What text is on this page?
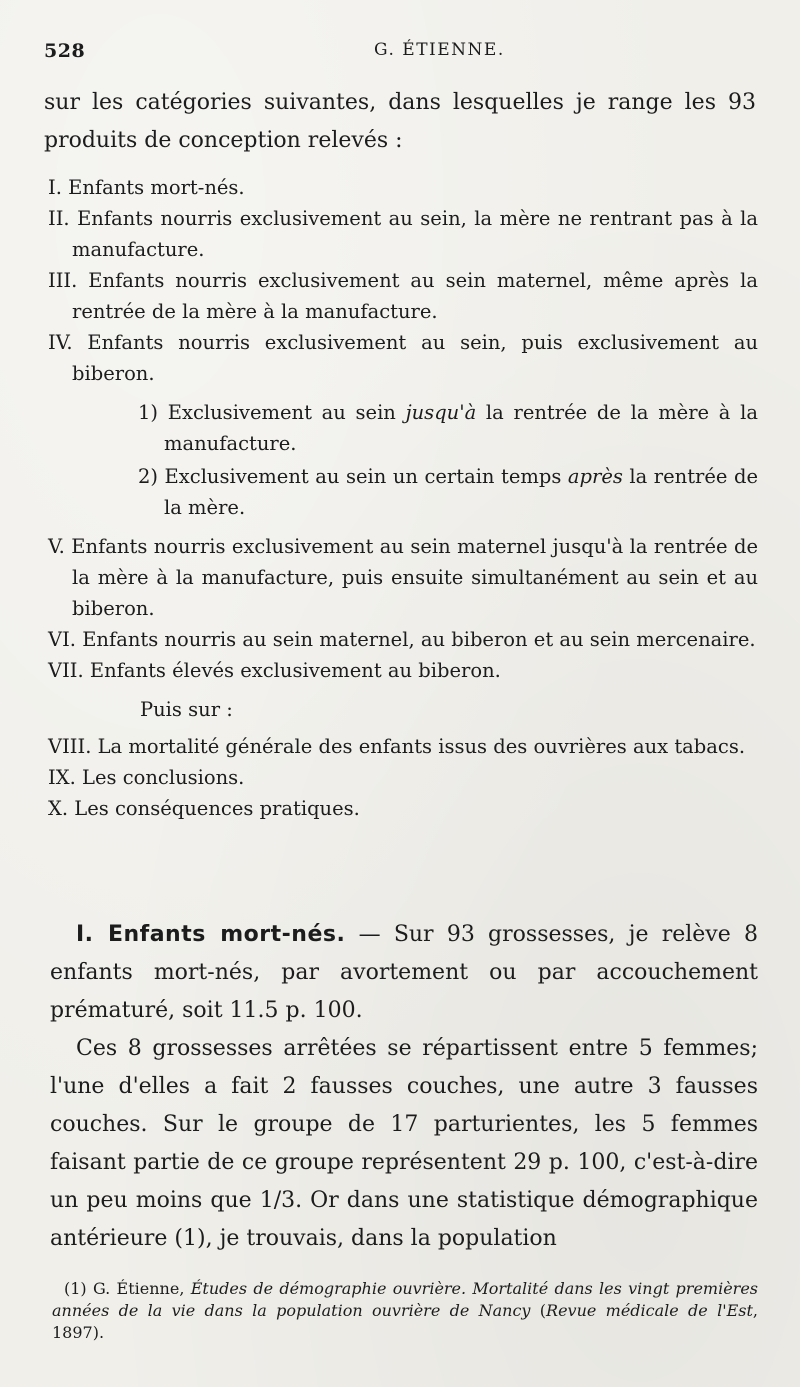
528	G. ÉTIENNE.

sur les catégories suivantes, dans lesquelles je range les 93 produits de conception relevés :

I. Enfants mort-nés.
II. Enfants nourris exclusivement au sein, la mère ne rentrant pas à la manufacture.
III. Enfants nourris exclusivement au sein maternel, même après la rentrée de la mère à la manufacture.
IV. Enfants nourris exclusivement au sein, puis exclusivement au biberon.
1) Exclusivement au sein jusqu'à la rentrée de la mère à la manufacture.
2) Exclusivement au sein un certain temps après la rentrée de la mère.
V. Enfants nourris exclusivement au sein maternel jusqu'à la rentrée de la mère à la manufacture, puis ensuite simultanément au sein et au biberon.
VI. Enfants nourris au sein maternel, au biberon et au sein mercenaire.
VII. Enfants élevés exclusivement au biberon.
Puis sur :
VIII. La mortalité générale des enfants issus des ouvrières aux tabacs.
IX. Les conclusions.
X. Les conséquences pratiques.

I. Enfants mort-nés. — Sur 93 grossesses, je relève 8 enfants mort-nés, par avortement ou par accouchement prématuré, soit 11.5 p. 100.

Ces 8 grossesses arrêtées se répartissent entre 5 femmes; l'une d'elles a fait 2 fausses couches, une autre 3 fausses couches. Sur le groupe de 17 parturientes, les 5 femmes faisant partie de ce groupe représentent 29 p. 100, c'est-à-dire un peu moins que 1/3. Or dans une statistique démographique antérieure (1), je trouvais, dans la population

(1) G. Étienne, Études de démographie ouvrière. Mortalité dans les vingt premières années de la vie dans la population ouvrière de Nancy (Revue médicale de l'Est, 1897).
